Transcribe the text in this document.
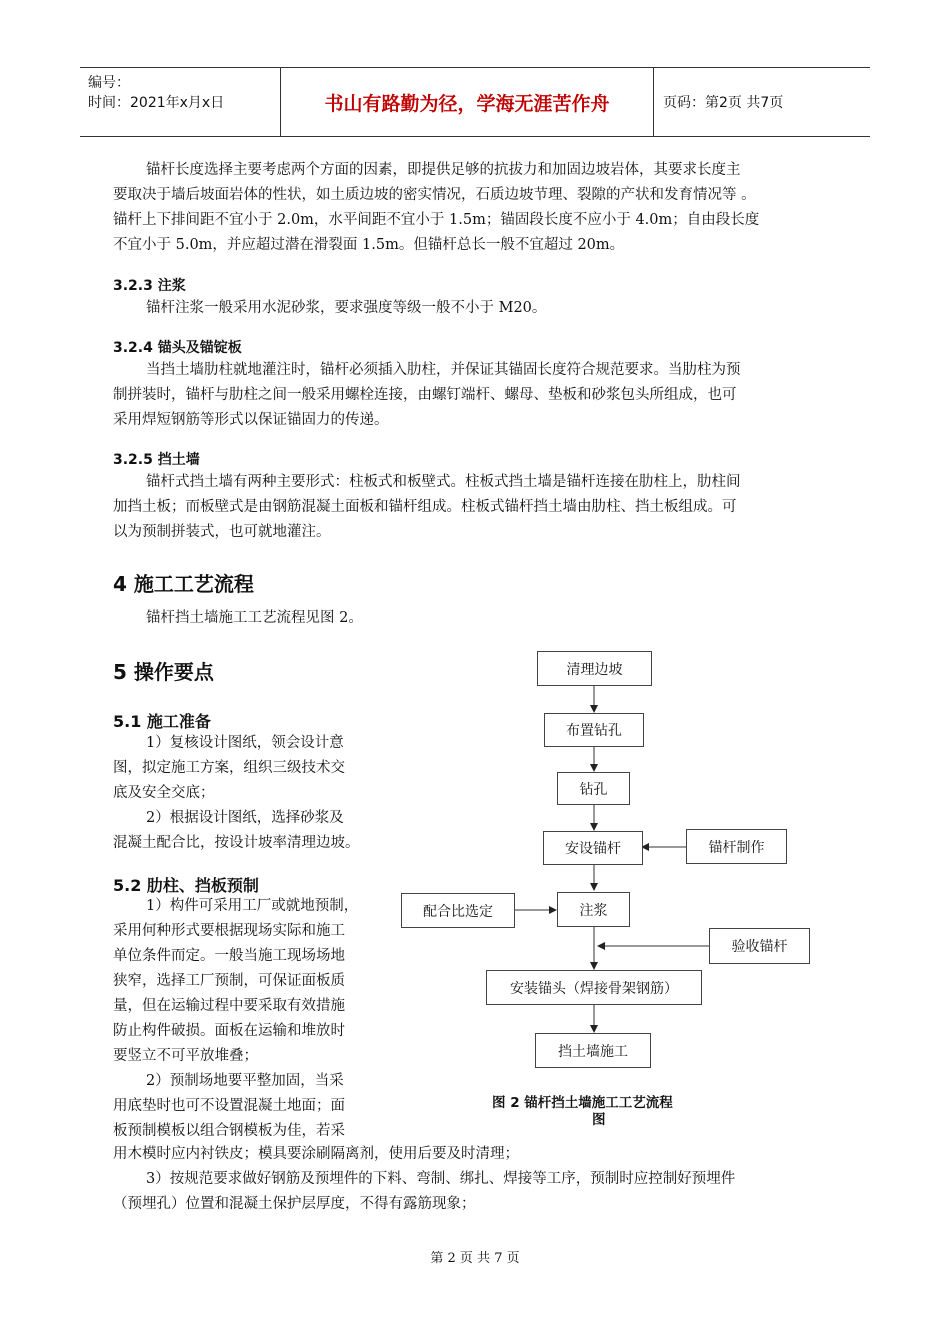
编号：
时间：2021年x月x日	书山有路勤为径，学海无涯苦作舟	页码：第2页 共7页
锚杆长度选择主要考虑两个方面的因素，即提供足够的抗拔力和加固边坡岩体，其要求长度主
要取决于墙后坡面岩体的性状，如土质边坡的密实情况，石质边坡节理、裂隙的产状和发育情况等 。
锚杆上下排间距不宜小于 2.0m，水平间距不宜小于 1.5m；锚固段长度不应小于 4.0m；自由段长度
不宜小于 5.0m，并应超过潜在滑裂面 1.5m。但锚杆总长一般不宜超过 20m。
3.2.3 注浆
锚杆注浆一般采用水泥砂浆，要求强度等级一般不小于 M20。
3.2.4 锚头及锚锭板
当挡土墙肋柱就地灌注时，锚杆必须插入肋柱，并保证其锚固长度符合规范要求。当肋柱为预
制拼装时，锚杆与肋柱之间一般采用螺栓连接，由螺钉端杆、螺母、垫板和砂浆包头所组成，也可
采用焊短钢筋等形式以保证锚固力的传递。
3.2.5 挡土墙
锚杆式挡土墙有两种主要形式：柱板式和板壁式。柱板式挡土墙是锚杆连接在肋柱上，肋柱间
加挡土板；而板壁式是由钢筋混凝土面板和锚杆组成。柱板式锚杆挡土墙由肋柱、挡土板组成。可
以为预制拼装式，也可就地灌注。
4 施工工艺流程
锚杆挡土墙施工工艺流程见图 2。
5 操作要点
5.1 施工准备
1）复核设计图纸，领会设计意
图，拟定施工方案，组织三级技术交
底及安全交底；
2）根据设计图纸，选择砂浆及
混凝土配合比，按设计坡率清理边坡。
5.2 肋柱、挡板预制
1）构件可采用工厂或就地预制，
采用何种形式要根据现场实际和施工
单位条件而定。一般当施工现场场地
狭窄，选择工厂预制，可保证面板质
量，但在运输过程中要采取有效措施
防止构件破损。面板在运输和堆放时
要竖立不可平放堆叠；
2）预制场地要平整加固，当采
用底垫时也可不设置混凝土地面；面
板预制模板以组合钢模板为佳，若采
用木模时应内衬铁皮；模具要涂刷隔离剂，使用后要及时清理；
3）按规范要求做好钢筋及预埋件的下料、弯制、绑扎、焊接等工序，预制时应控制好预埋件
（预埋孔）位置和混凝土保护层厚度，不得有露筋现象；
清理边坡
布置钻孔
钻孔
安设锚杆	锚杆制作
注浆
配合比选定
验收锚杆
安装锚头（焊接骨架钢筋）
挡土墙施工
图 2 锚杆挡土墙施工工艺流程
图
第 2 页 共 7 页
